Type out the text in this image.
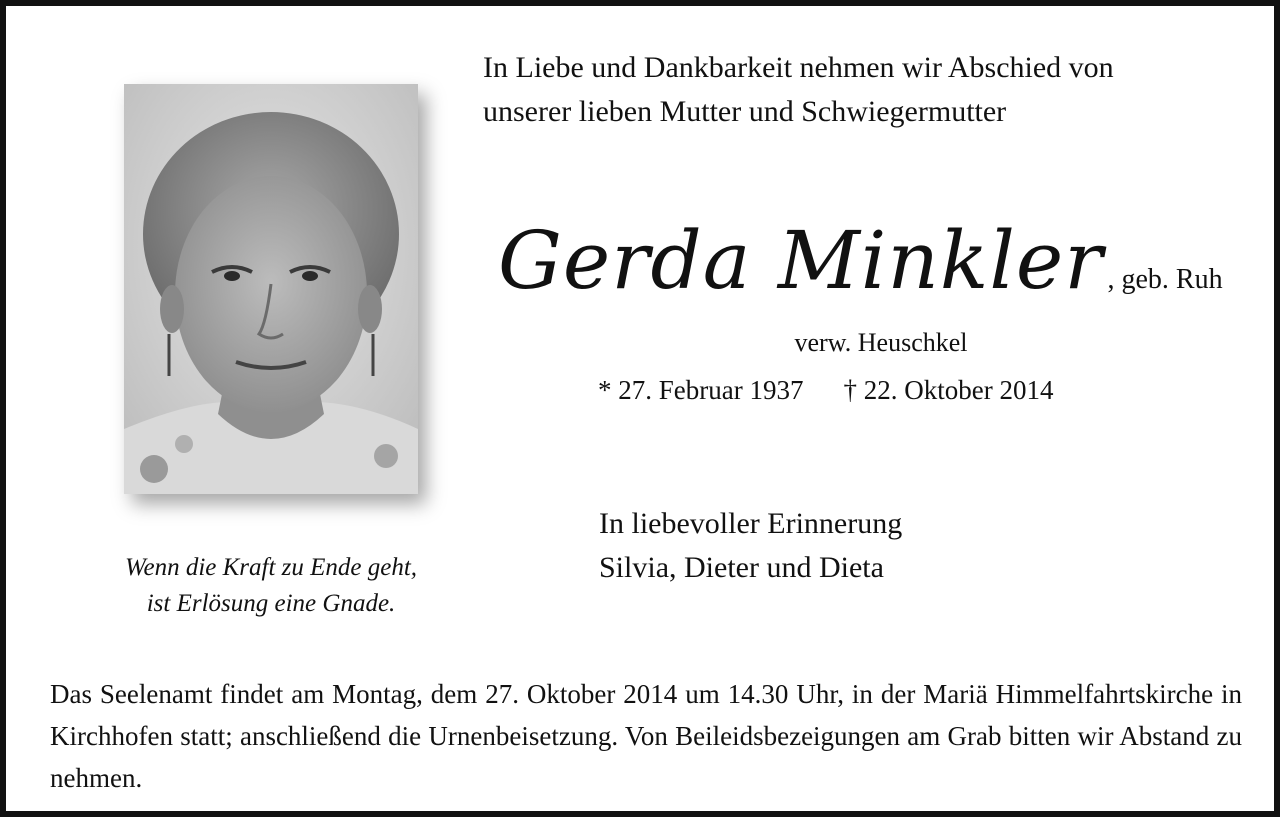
In Liebe und Dankbarkeit nehmen wir Abschied von
unserer lieben Mutter und Schwiegermutter
Gerda Minkler , geb. Ruh
verw. Heuschkel
* 27. Februar 1937 † 22. Oktober 2014
In liebevoller Erinnerung
Silvia, Dieter und Dieta
Wenn die Kraft zu Ende geht,
ist Erlösung eine Gnade.

Das Seelenamt findet am Montag, dem 27. Oktober 2014 um 14.30 Uhr, in der Mariä Himmelfahrtskirche in Kirchhofen statt; anschließend die Urnenbeisetzung. Von Beileidsbezeigungen am Grab bitten wir Abstand zu nehmen.
